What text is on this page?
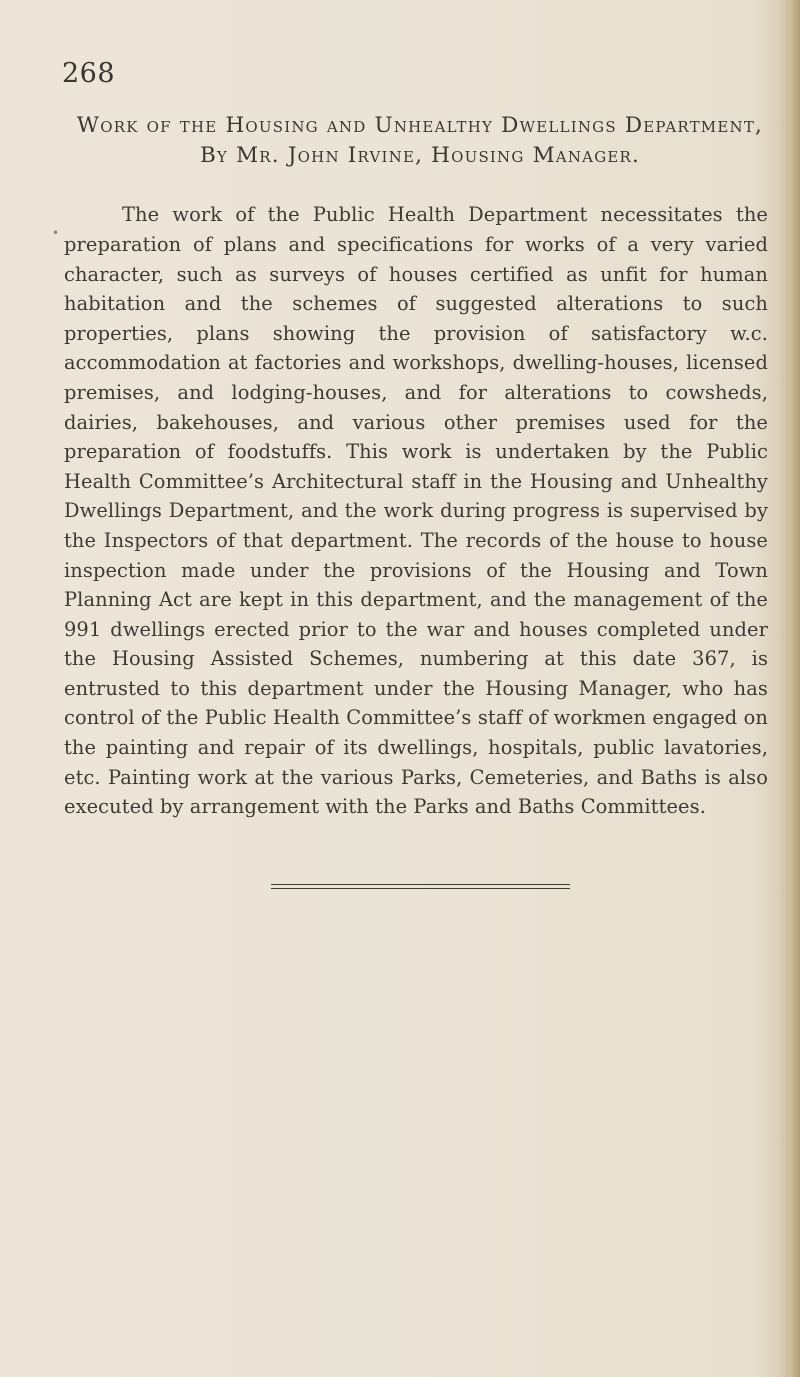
268
Work of the Housing and Unhealthy Dwellings Department,
By Mr. John Irvine, Housing Manager.
•

The work of the Public Health Department necessitates the preparation of plans and specifications for works of a very varied character, such as surveys of houses certified as unfit for human habitation and the schemes of suggested alterations to such properties, plans showing the provision of satisfactory w.c. accommodation at factories and workshops, dwelling-houses, licensed premises, and lodging-houses, and for alterations to cowsheds, dairies, bakehouses, and various other premises used for the preparation of foodstuffs. This work is undertaken by the Public Health Committee’s Architectural staff in the Housing and Unhealthy Dwellings Department, and the work during progress is supervised by the Inspectors of that department. The records of the house to house inspection made under the provisions of the Housing and Town Planning Act are kept in this department, and the management of the 991 dwellings erected prior to the war and houses completed under the Housing Assisted Schemes, numbering at this date 367, is entrusted to this department under the Housing Manager, who has control of the Public Health Committee’s staff of workmen engaged on the painting and repair of its dwellings, hospitals, public lavatories, etc. Painting work at the various Parks, Cemeteries, and Baths is also executed by arrangement with the Parks and Baths Committees.
